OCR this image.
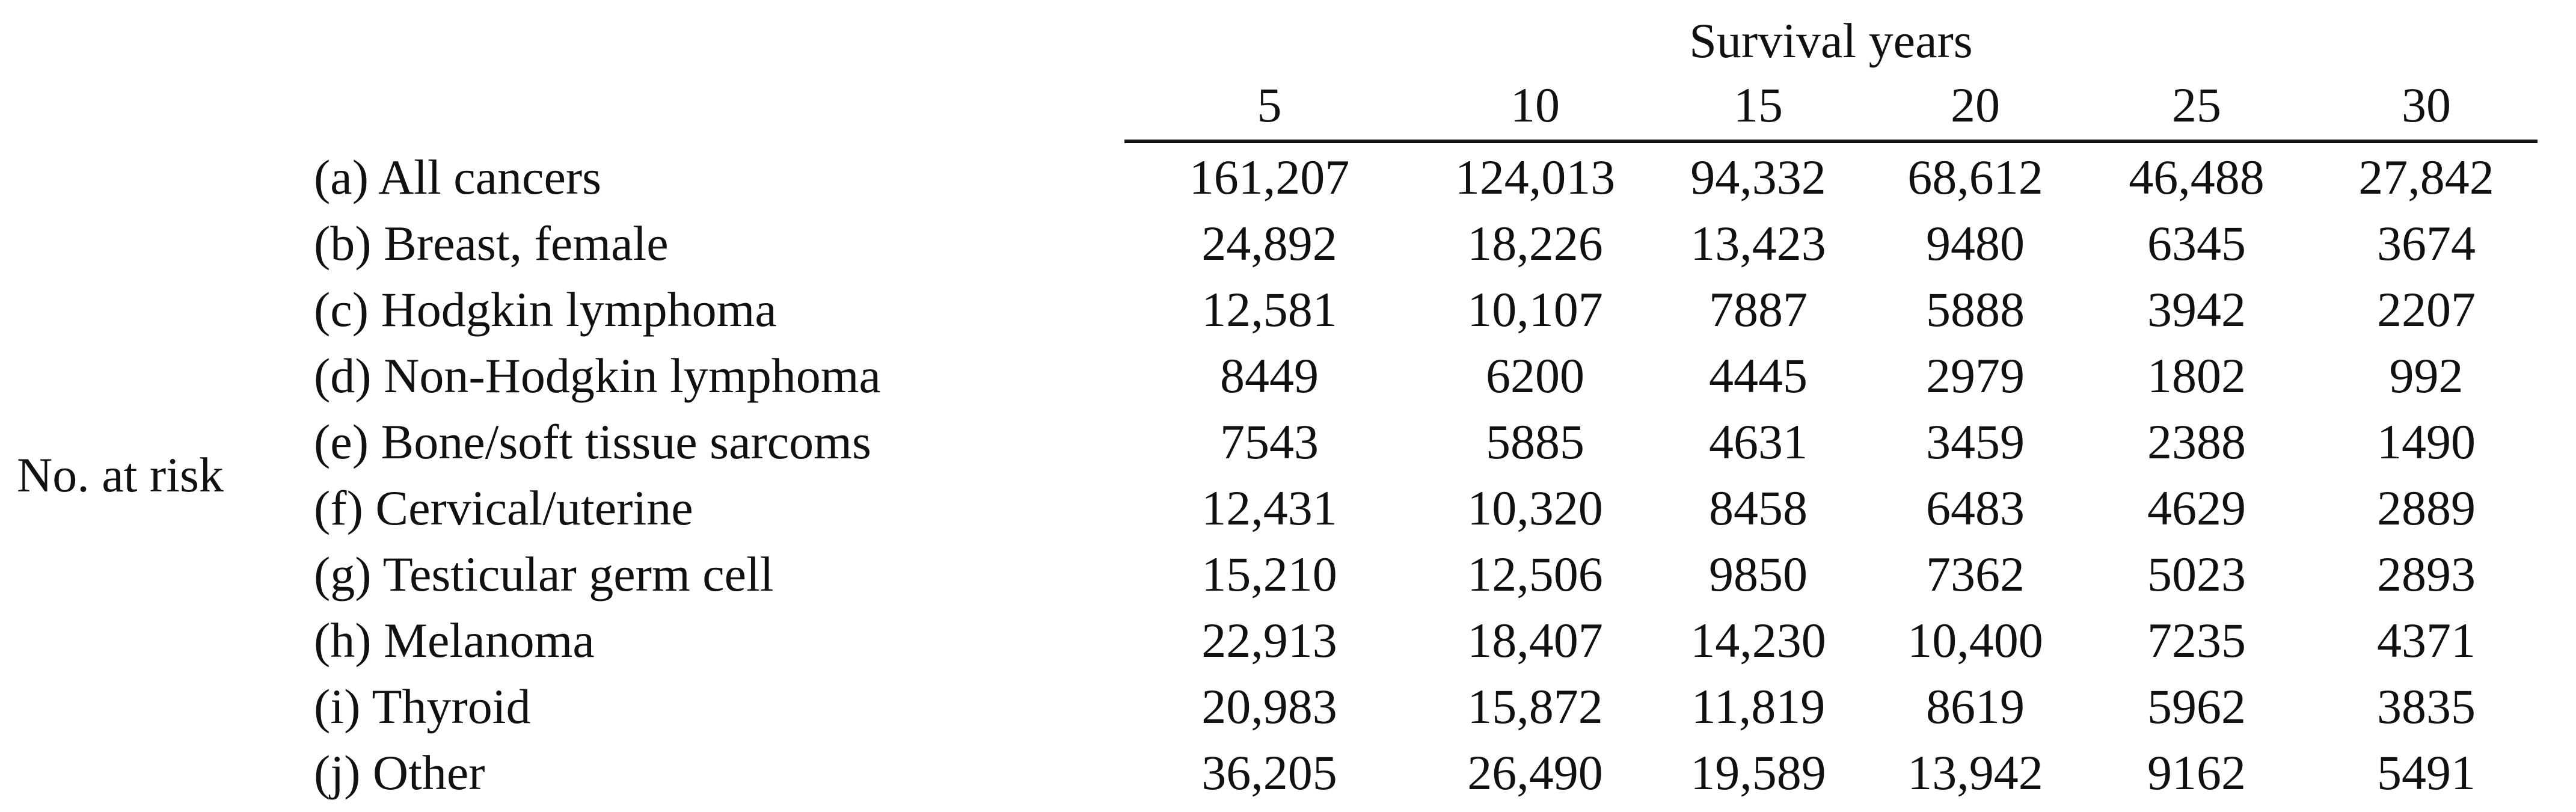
Survival years
5	10	15	20	25	30
No. at risk
(a) All cancers	161,207	124,013	94,332	68,612	46,488	27,842
(b) Breast, female	24,892	18,226	13,423	9480	6345	3674
(c) Hodgkin lymphoma	12,581	10,107	7887	5888	3942	2207
(d) Non-Hodgkin lymphoma	8449	6200	4445	2979	1802	992
(e) Bone/soft tissue sarcoms	7543	5885	4631	3459	2388	1490
(f) Cervical/uterine	12,431	10,320	8458	6483	4629	2889
(g) Testicular germ cell	15,210	12,506	9850	7362	5023	2893
(h) Melanoma	22,913	18,407	14,230	10,400	7235	4371
(i) Thyroid	20,983	15,872	11,819	8619	5962	3835
(j) Other	36,205	26,490	19,589	13,942	9162	5491
